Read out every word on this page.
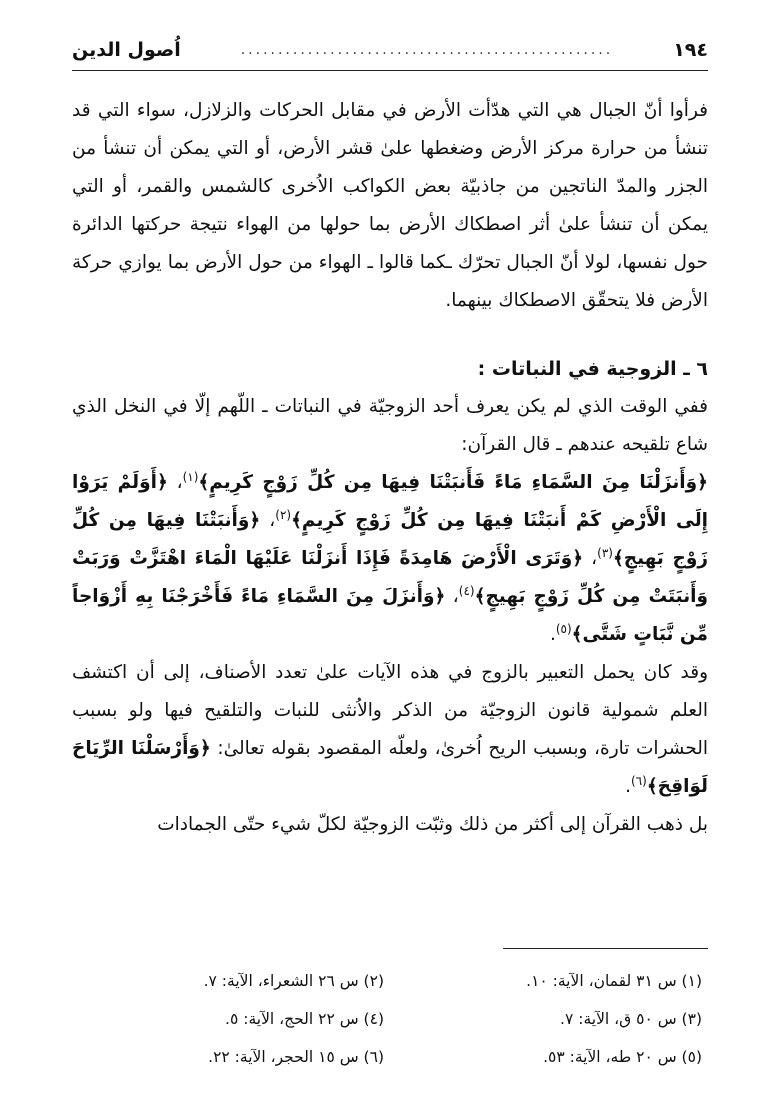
١٩٤
..................................................
اُصول الدين

فرأوا أنّ الجبال هي التي هدّأت الأرض في مقابل الحركات والزلازل، سواء التي قد تنشأ من حرارة مركز الأرض وضغطها علىٰ قشر الأرض، أو التي يمكن أن تنشأ من الجزر والمدّ الناتجين من جاذبيّة بعض الكواكب الاُخرى كالشمس والقمر، أو التي يمكن أن تنشأ علىٰ أثر اصطكاك الأرض بما حولها من الهواء نتيجة حركتها الدائرة حول نفسها، لولا أنّ الجبال تحرّك ـكما قالوا ـ الهواء من حول الأرض بما يوازي حركة الأرض فلا يتحقّق الاصطكاك بينهما.

٦ ـ الزوجية في النباتات :

ففي الوقت الذي لم يكن يعرف أحد الزوجيّة في النباتات ـ اللّهم إلّا في النخل الذي شاع تلقيحه عندهم ـ قال القرآن:

﴿وَأَنزَلْنَا مِنَ السَّمَاءِ مَاءً فَأَنبَتْنَا فِيهَا مِن كُلِّ زَوْجٍ كَرِيمٍ﴾$^{(١)}$، ﴿أَوَلَمْ يَرَوْا إِلَى الْأَرْضِ كَمْ أَنبَتْنَا فِيهَا مِن كُلِّ زَوْجٍ كَرِيمٍ﴾$^{(٢)}$، ﴿وَأَنبَتْنَا فِيهَا مِن كُلِّ زَوْجٍ بَهِيجٍ﴾$^{(٣)}$، ﴿وَتَرَى الْأَرْضَ هَامِدَةً فَإِذَا أَنزَلْنَا عَلَيْهَا الْمَاءَ اهْتَزَّتْ وَرَبَتْ وَأَنبَتَتْ مِن كُلِّ زَوْجٍ بَهِيجٍ﴾$^{(٤)}$، ﴿وَأَنزَلَ مِنَ السَّمَاءِ مَاءً فَأَخْرَجْنَا بِهِ أَزْوَاجاً مِّن نَّبَاتٍ شَتَّى﴾$^{(٥)}$.

وقد كان يحمل التعبير بالزوج في هذه الآيات علىٰ تعدد الأصناف، إلى أن اكتشف العلم شمولية قانون الزوجيّة من الذكر والاُنثى للنبات والتلقيح فيها ولو بسبب الحشرات تارة، وبسبب الريح اُخرىٰ، ولعلّه المقصود بقوله تعالىٰ: ﴿وَأَرْسَلْنَا الرِّيَاحَ لَوَاقِحَ﴾$^{(٦)}$.

بل ذهب القرآن إلى أكثر من ذلك وثبّت الزوجيّة لكلّ شيء حتّى الجمادات

(١) س ٣١ لقمان، الآية: ١٠.
(٢) س ٢٦ الشعراء، الآية: ٧.
(٣) س ٥٠ ق، الآية: ٧.
(٤) س ٢٢ الحج، الآية: ٥.
(٥) س ٢٠ طه، الآية: ٥٣.
(٦) س ١٥ الحجر، الآية: ٢٢.
